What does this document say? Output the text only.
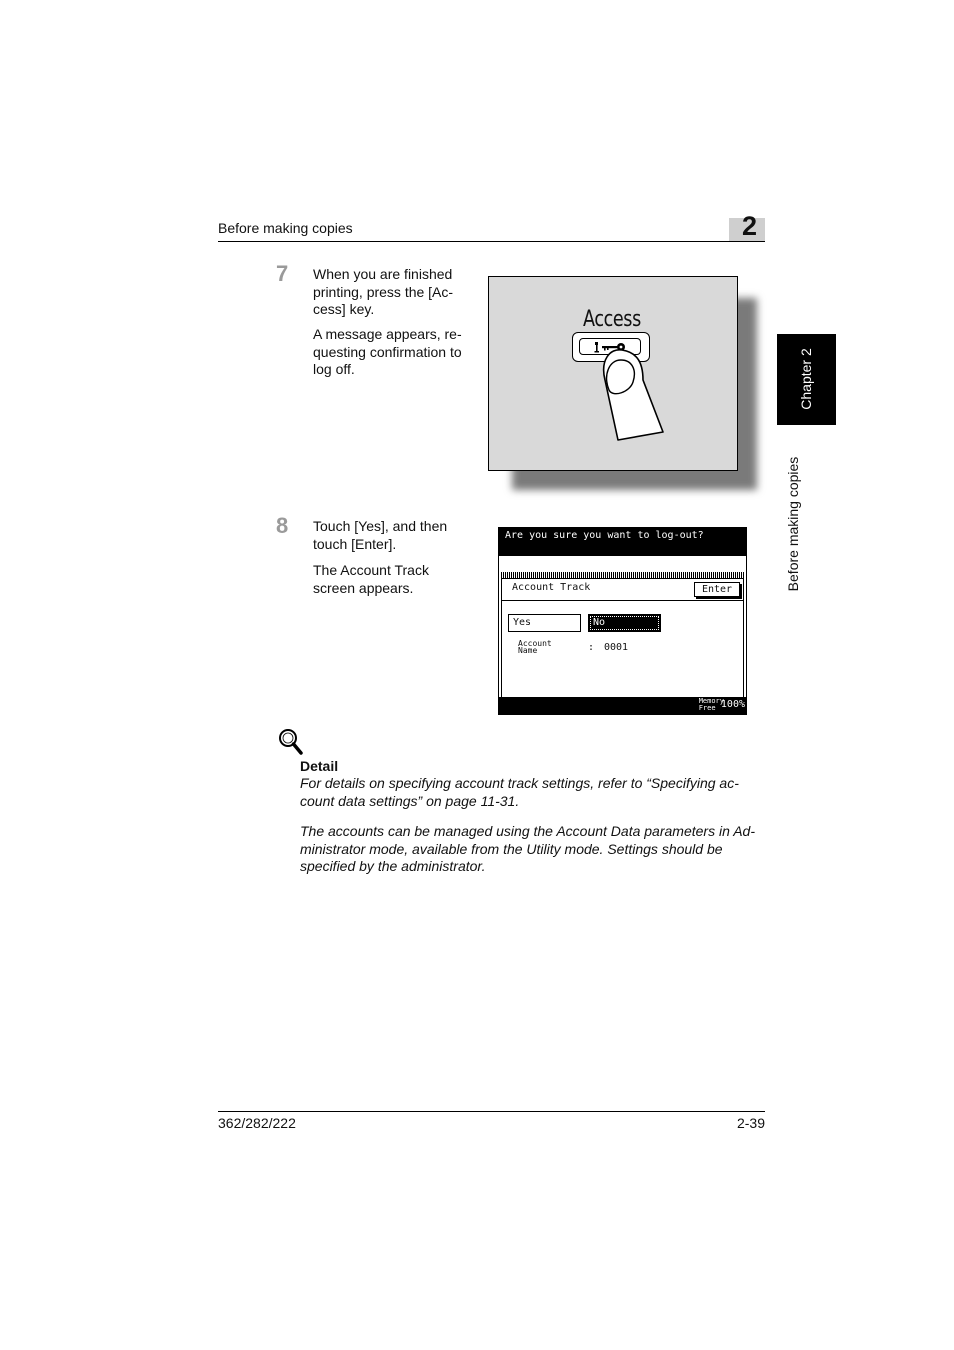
Before making copies	2
Chapter 2
Before making copies
7 When you are finished
printing, press the [Ac-
cess] key.
A message appears, re-
questing confirmation to
log off.
Access
8 Touch [Yes], and then
touch [Enter].
The Account Track
screen appears.
Are you sure you want to log-out?
Account Track	Enter
Yes	No
Account
Name	: 0001
Memory
Free 100%
Detail
For details on specifying account track settings, refer to “Specifying ac-
count data settings” on page 11-31.
The accounts can be managed using the Account Data parameters in Ad-
ministrator mode, available from the Utility mode. Settings should be
specified by the administrator.
362/282/222	2-39
